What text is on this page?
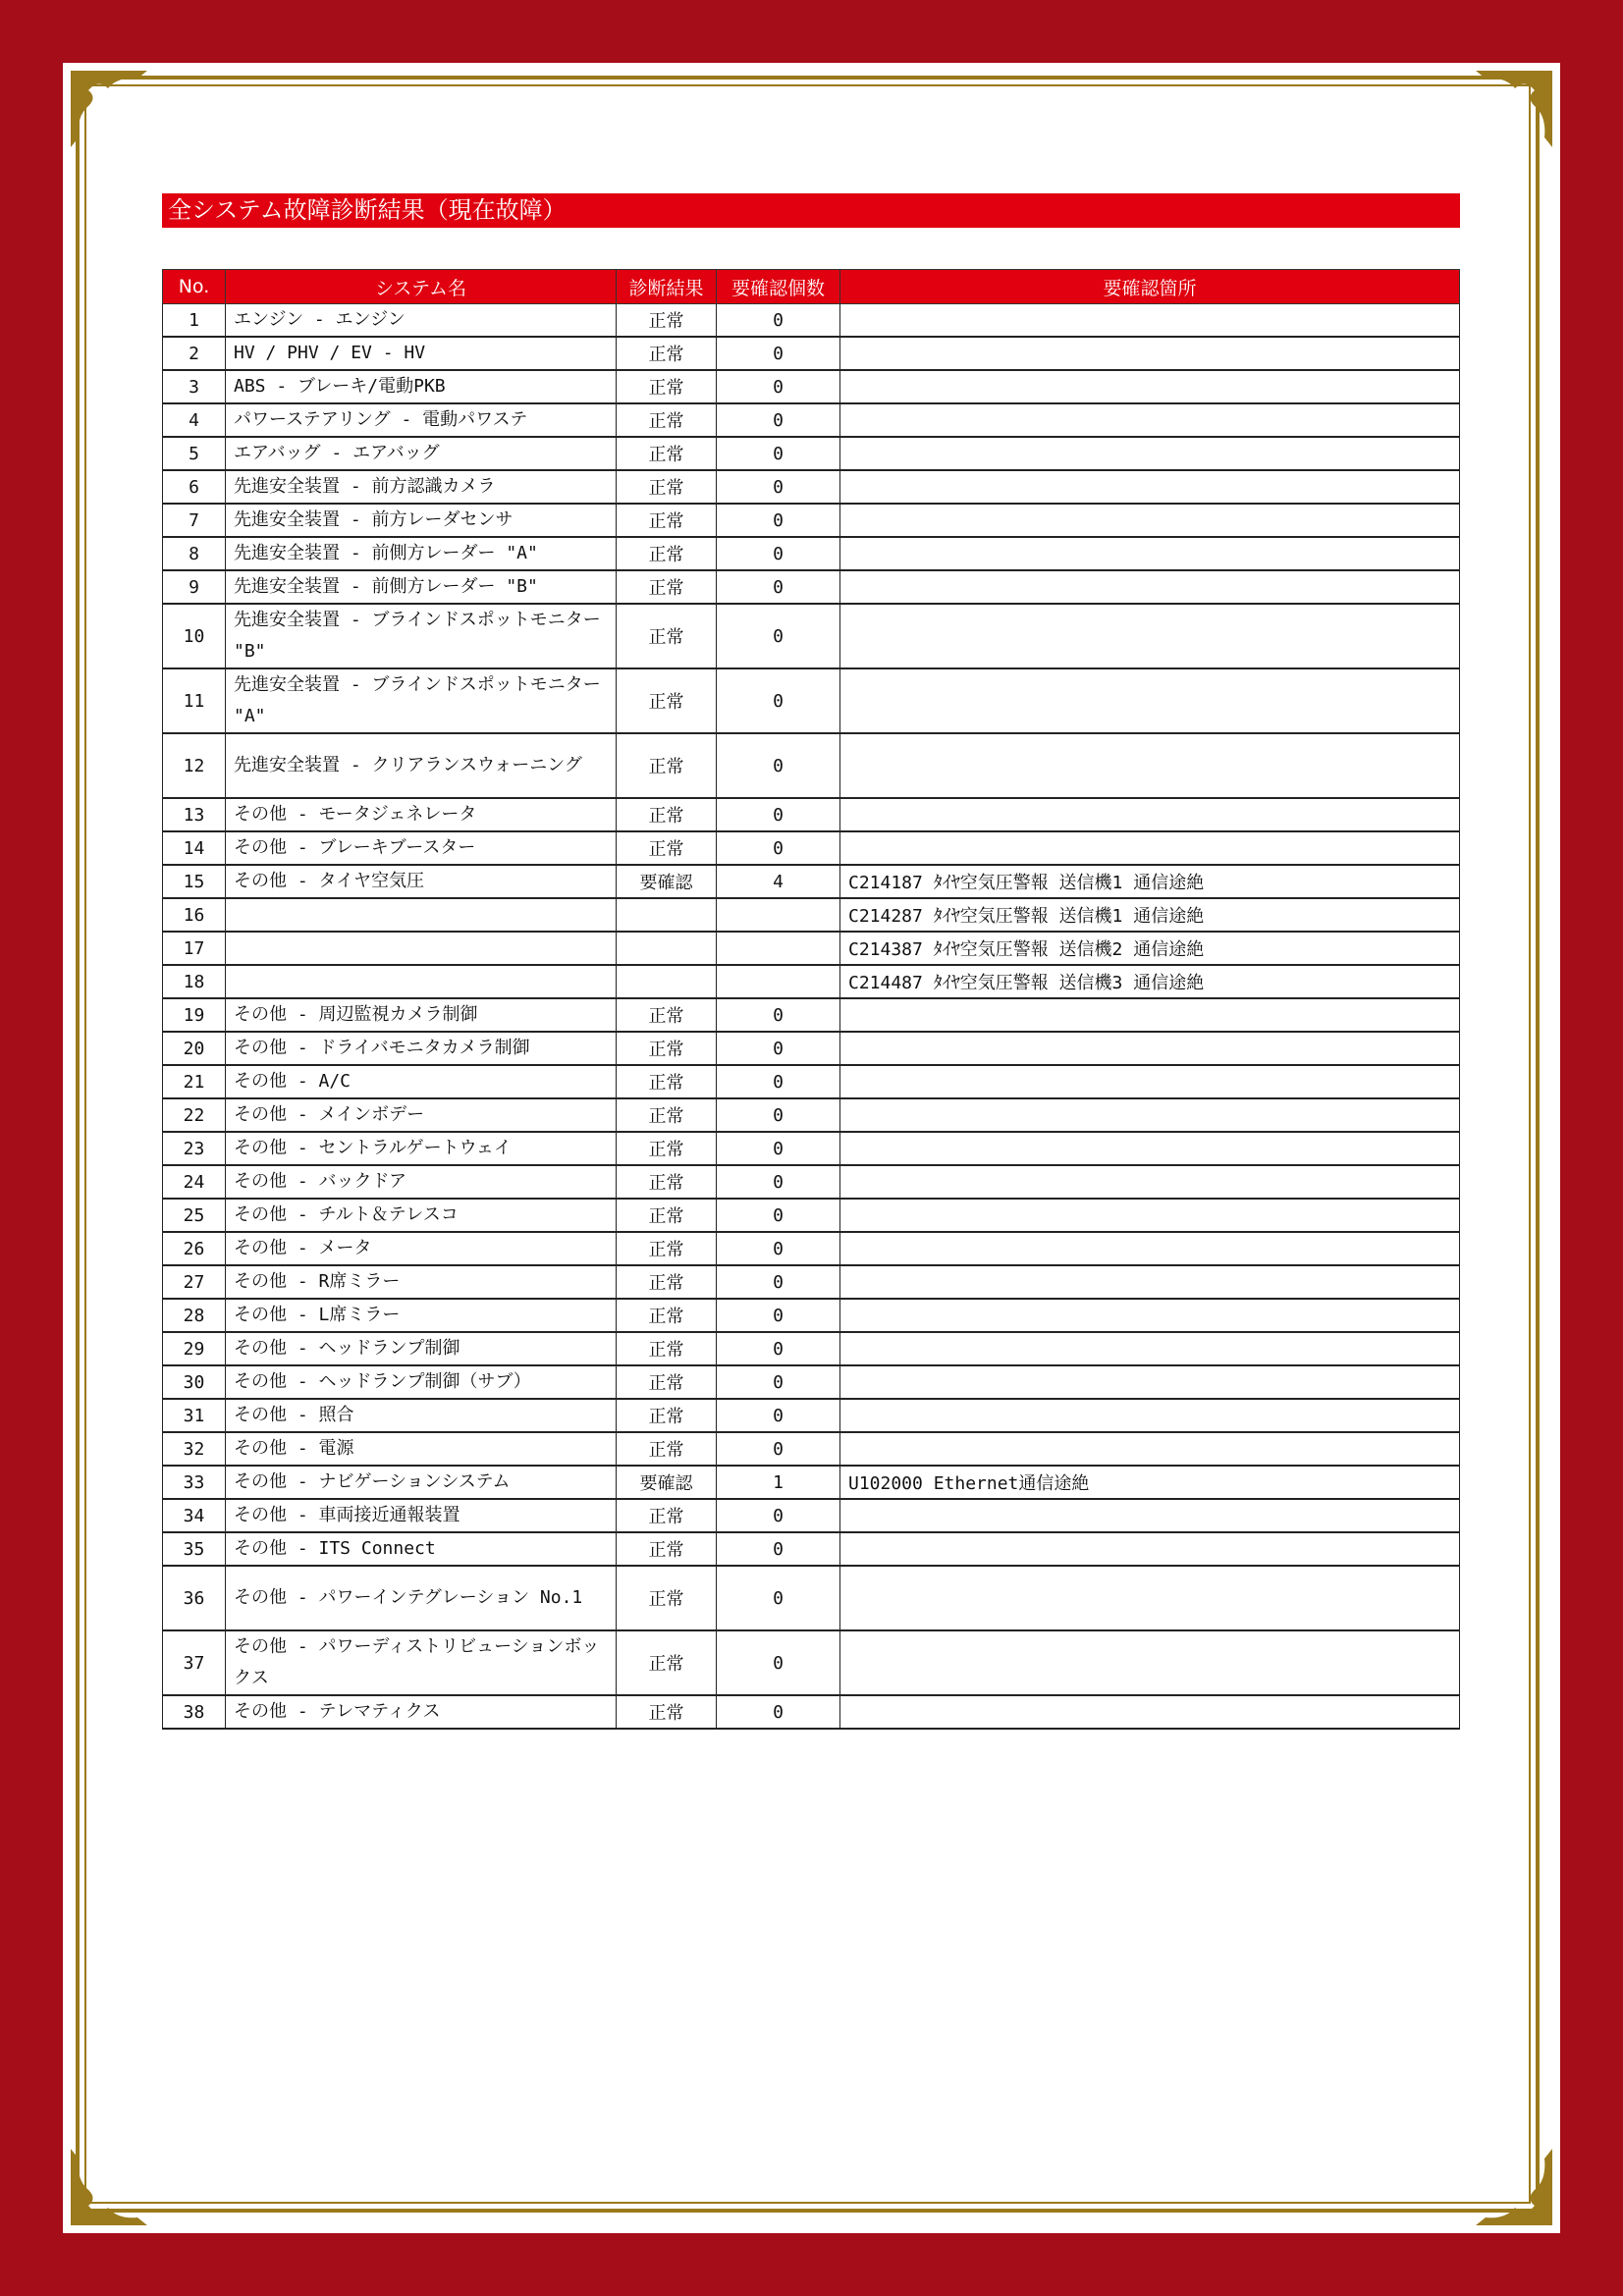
全システム故障診断結果（現在故障）
No.	システム名	診断結果	要確認個数	要確認箇所
1	エンジン - エンジン	正常	0	
2	HV / PHV / EV - HV	正常	0	
3	ABS - ブレーキ/電動PKB	正常	0	
4	パワーステアリング - 電動パワステ	正常	0	
5	エアバッグ - エアバッグ	正常	0	
6	先進安全装置 - 前方認識カメラ	正常	0	
7	先進安全装置 - 前方レーダセンサ	正常	0	
8	先進安全装置 - 前側方レーダー "A"	正常	0	
9	先進安全装置 - 前側方レーダー "B"	正常	0	
10	先進安全装置 - ブラインドスポットモニター "B"	正常	0	
11	先進安全装置 - ブラインドスポットモニター "A"	正常	0	
12	先進安全装置 - クリアランスウォーニング	正常	0	
13	その他 - モータジェネレータ	正常	0	
14	その他 - ブレーキブースター	正常	0	
15	その他 - タイヤ空気圧	要確認	4	C214187 ﾀｲﾔ空気圧警報 送信機1 通信途絶
16				C214287 ﾀｲﾔ空気圧警報 送信機1 通信途絶
17				C214387 ﾀｲﾔ空気圧警報 送信機2 通信途絶
18				C214487 ﾀｲﾔ空気圧警報 送信機3 通信途絶
19	その他 - 周辺監視カメラ制御	正常	0	
20	その他 - ドライバモニタカメラ制御	正常	0	
21	その他 - A/C	正常	0	
22	その他 - メインボデー	正常	0	
23	その他 - セントラルゲートウェイ	正常	0	
24	その他 - バックドア	正常	0	
25	その他 - チルト＆テレスコ	正常	0	
26	その他 - メータ	正常	0	
27	その他 - R席ミラー	正常	0	
28	その他 - L席ミラー	正常	0	
29	その他 - ヘッドランプ制御	正常	0	
30	その他 - ヘッドランプ制御（サブ）	正常	0	
31	その他 - 照合	正常	0	
32	その他 - 電源	正常	0	
33	その他 - ナビゲーションシステム	要確認	1	U102000 Ethernet通信途絶
34	その他 - 車両接近通報装置	正常	0	
35	その他 - ITS Connect	正常	0	
36	その他 - パワーインテグレーション No.1	正常	0	
37	その他 - パワーディストリビューションボックス	正常	0	
38	その他 - テレマティクス	正常	0	
